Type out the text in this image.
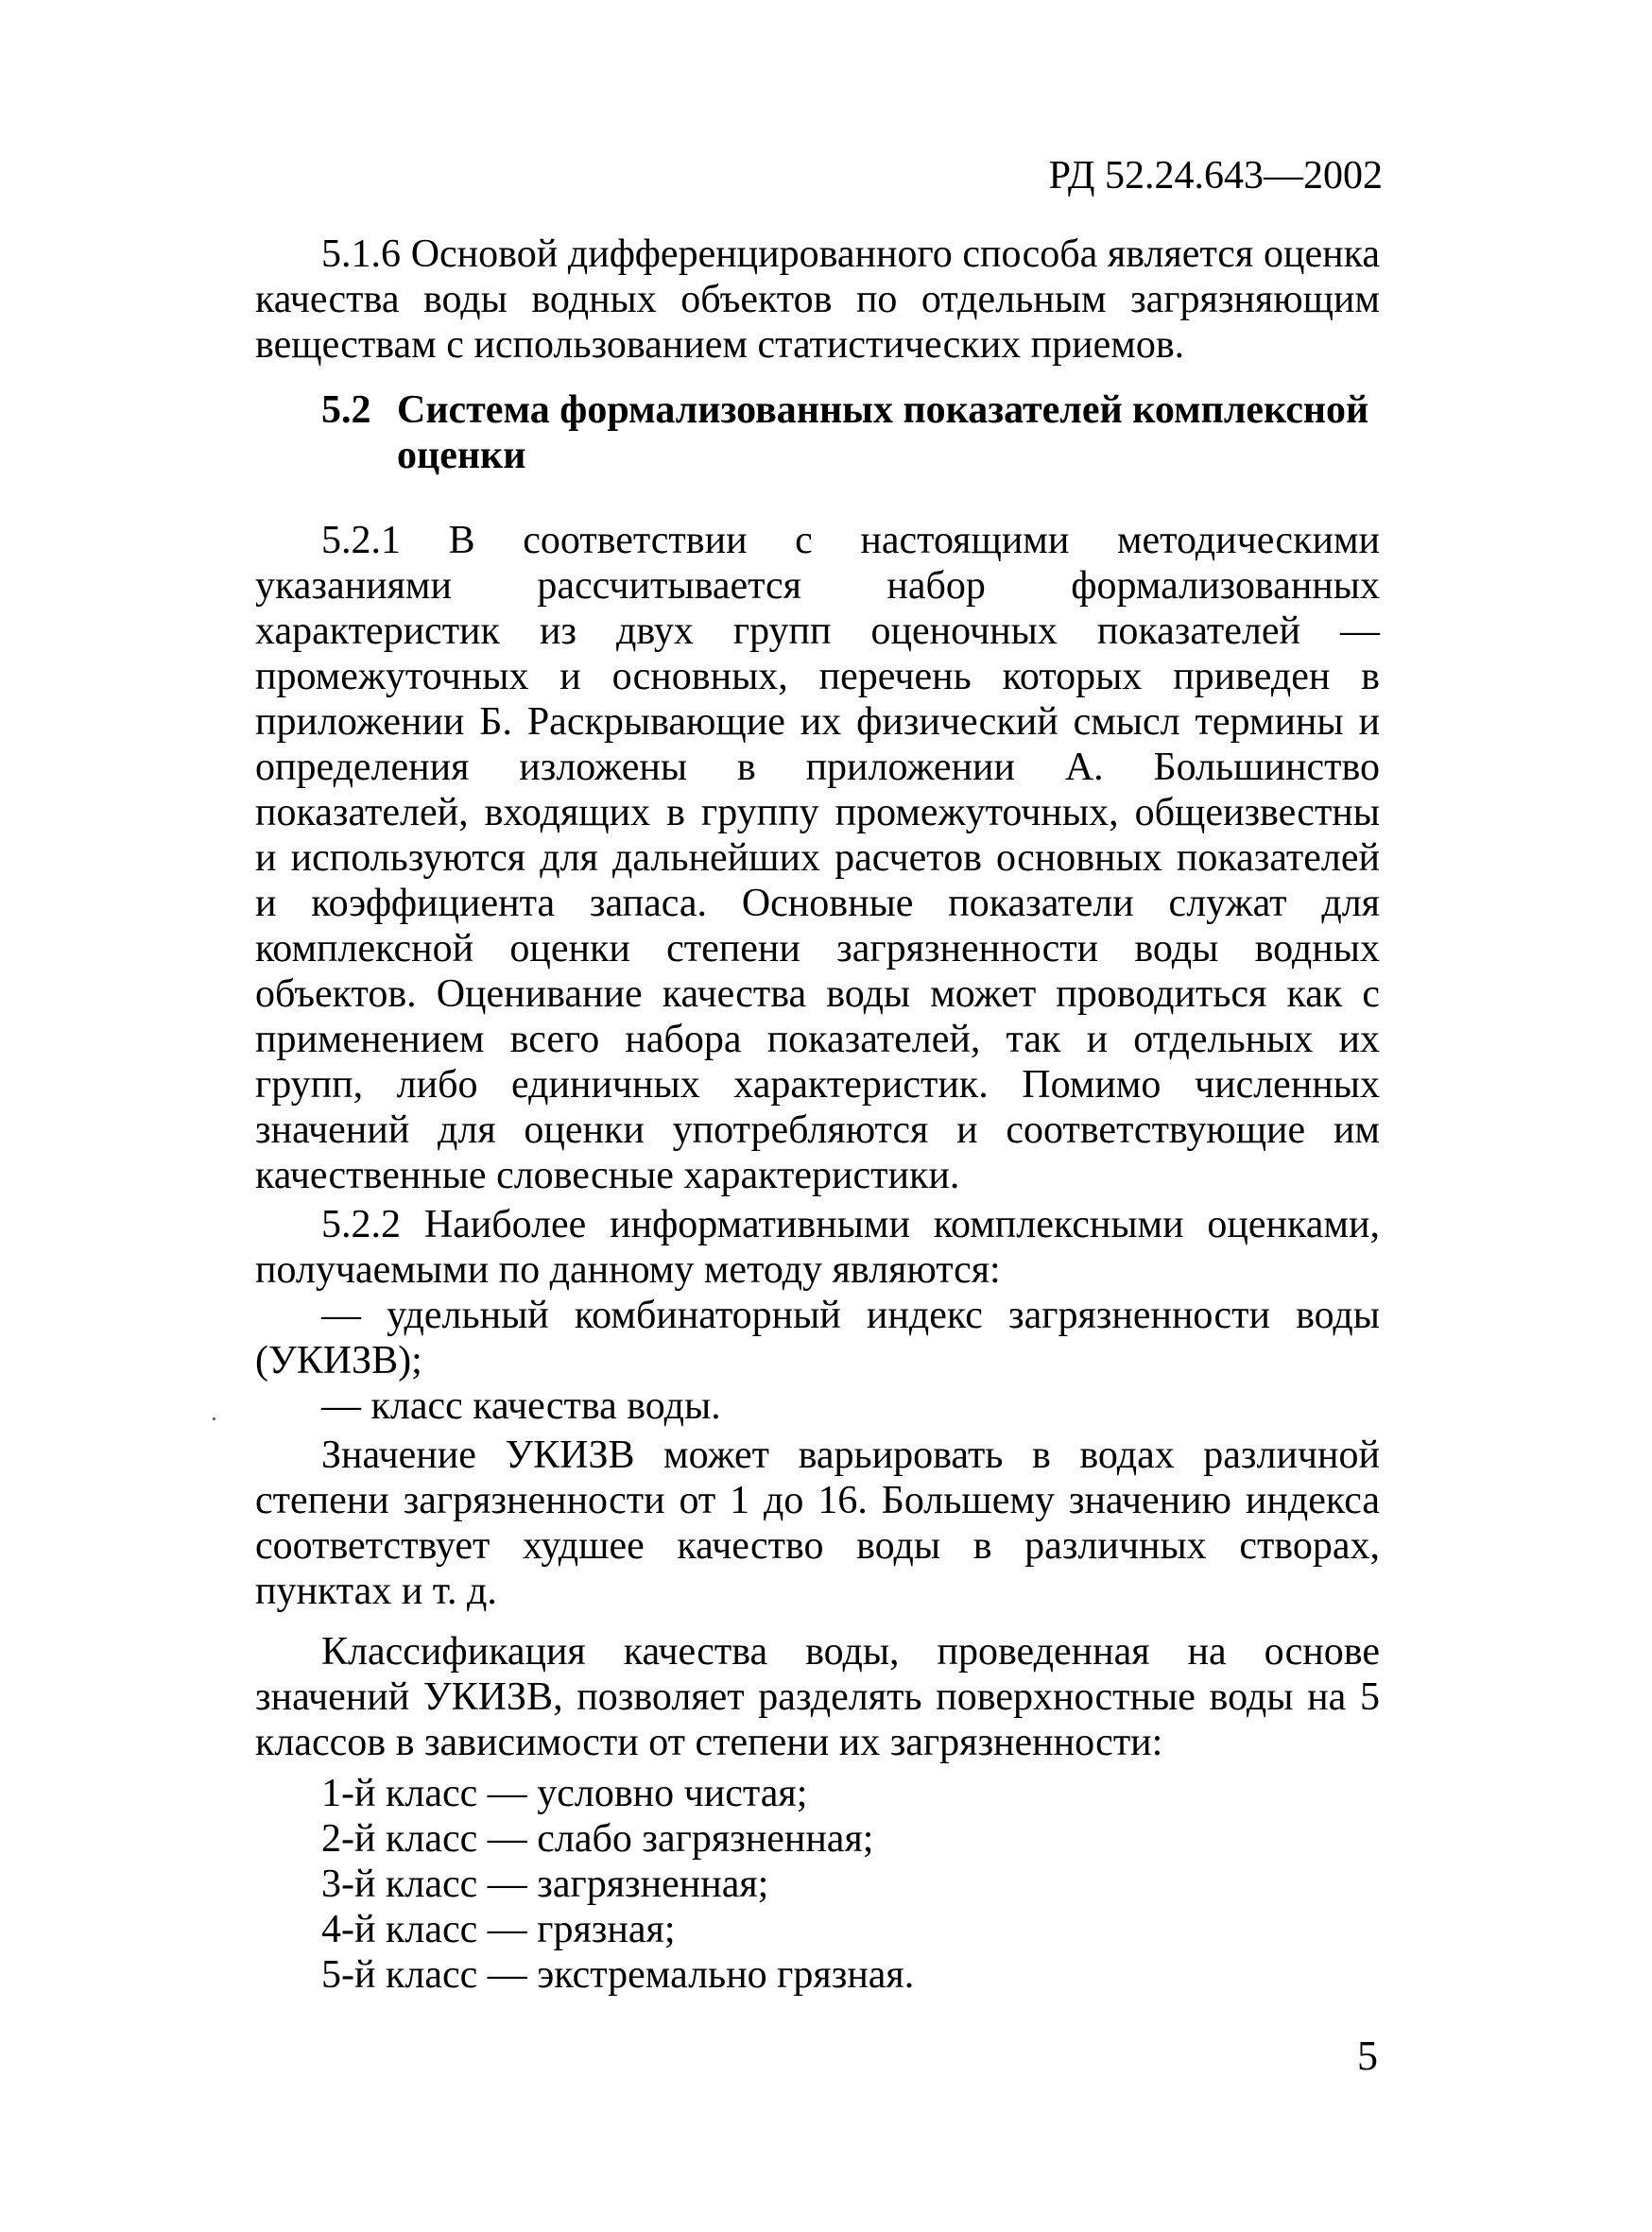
РД 52.24.643—2002

5.1.6 Основой дифференцированного способа является оценка качества воды водных объектов по отдельным загрязняющим веществам с использованием статистических приемов.

5.2 Система формализованных показателей комплексной оценки

5.2.1 В соответствии с настоящими методическими указаниями рассчитывается набор формализованных характеристик из двух групп оценочных показателей — промежуточных и основных, перечень которых приведен в приложении Б. Раскрывающие их физический смысл термины и определения изложены в приложении А. Большинство показателей, входящих в группу промежуточных, общеизвестны и используются для дальнейших расчетов основных показателей и коэффициента запаса. Основные показатели служат для комплексной оценки степени загрязненности воды водных объектов. Оценивание качества воды может проводиться как с применением всего набора показателей, так и отдельных их групп, либо единичных характеристик. Помимо численных значений для оценки употребляются и соответствующие им качественные словесные характеристики.

5.2.2 Наиболее информативными комплексными оценками, получаемыми по данному методу являются:

— удельный комбинаторный индекс загрязненности воды (УКИЗВ);

— класс качества воды.

Значение УКИЗВ может варьировать в водах различной степени загрязненности от 1 до 16. Большему значению индекса соответствует худшее качество воды в различных створах, пунктах и т. д.

Классификация качества воды, проведенная на основе значений УКИЗВ, позволяет разделять поверхностные воды на 5 классов в зависимости от степени их загрязненности:

1-й класс — условно чистая;

2-й класс — слабо загрязненная;

3-й класс — загрязненная;

4-й класс — грязная;

5-й класс — экстремально грязная.

5
